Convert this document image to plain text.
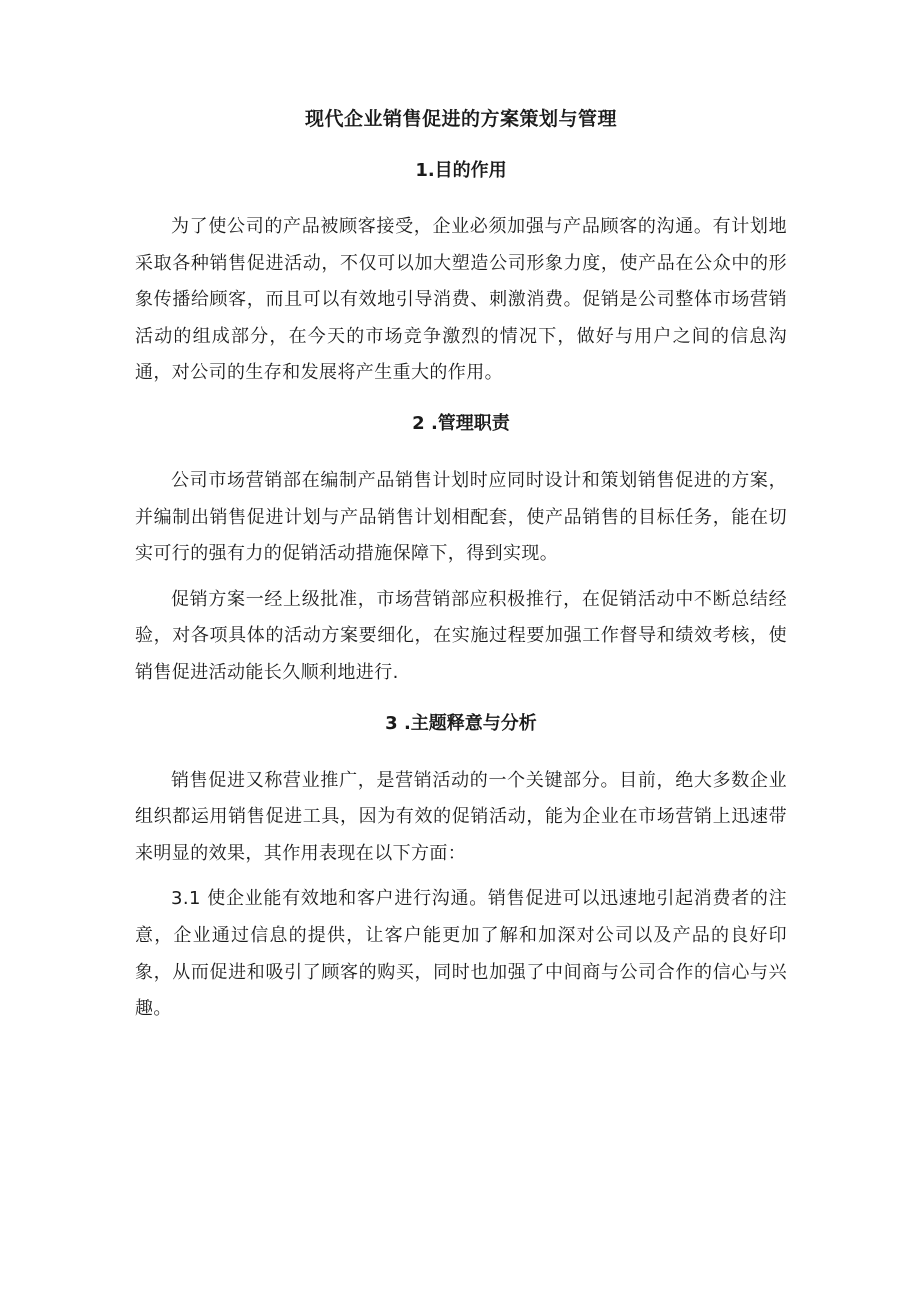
现代企业销售促进的方案策划与管理
1.目的作用

为了使公司的产品被顾客接受，企业必须加强与产品顾客的沟通。有计划地采取各种销售促进活动，不仅可以加大塑造公司形象力度，使产品在公众中的形象传播给顾客，而且可以有效地引导消费、刺激消费。促销是公司整体市场营销活动的组成部分，在今天的市场竞争激烈的情况下，做好与用户之间的信息沟通，对公司的生存和发展将产生重大的作用。

2 .管理职责

公司市场营销部在编制产品销售计划时应同时设计和策划销售促进的方案，并编制出销售促进计划与产品销售计划相配套，使产品销售的目标任务，能在切实可行的强有力的促销活动措施保障下，得到实现。

促销方案一经上级批准，市场营销部应积极推行，在促销活动中不断总结经验，对各项具体的活动方案要细化，在实施过程要加强工作督导和绩效考核，使销售促进活动能长久顺利地进行.

3 .主题释意与分析

销售促进又称营业推广，是营销活动的一个关键部分。目前，绝大多数企业组织都运用销售促进工具，因为有效的促销活动，能为企业在市场营销上迅速带来明显的效果，其作用表现在以下方面：

3.1 使企业能有效地和客户进行沟通。销售促进可以迅速地引起消费者的注意，企业通过信息的提供，让客户能更加了解和加深对公司以及产品的良好印象，从而促进和吸引了顾客的购买，同时也加强了中间商与公司合作的信心与兴趣。
